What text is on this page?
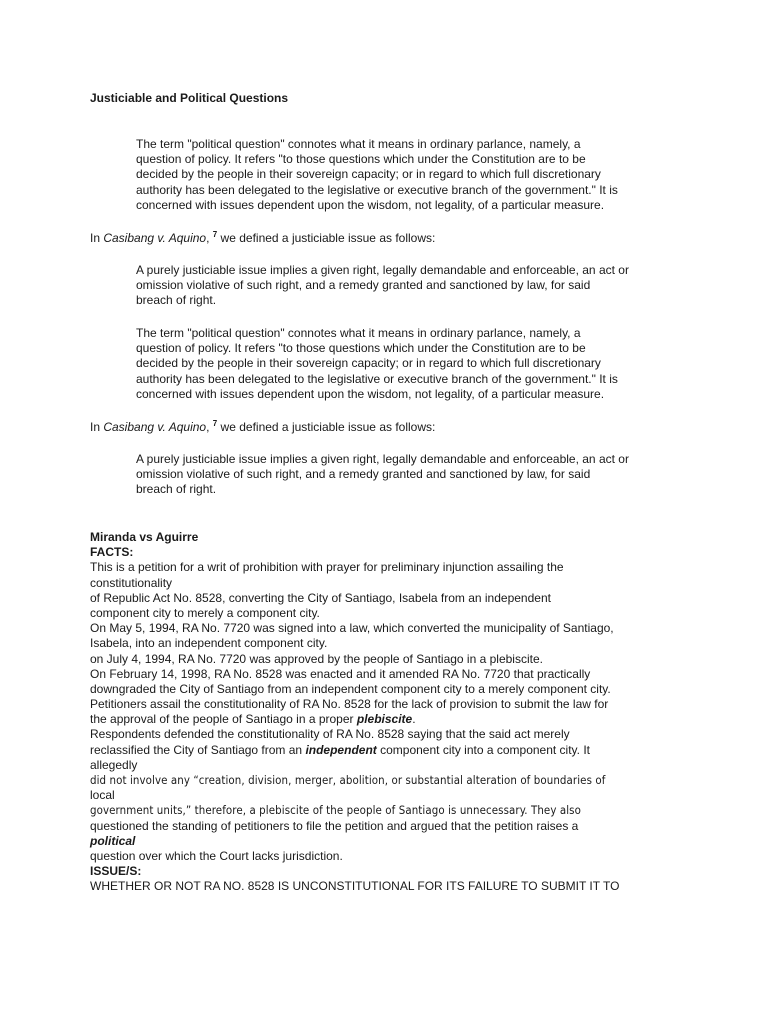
Justiciable and Political Questions
The term "political question" connotes what it means in ordinary parlance, namely, a
question of policy. It refers "to those questions which under the Constitution are to be
decided by the people in their sovereign capacity; or in regard to which full discretionary
authority has been delegated to the legislative or executive branch of the government." It is
concerned with issues dependent upon the wisdom, not legality, of a particular measure.
In Casibang v. Aquino, $^7$ we defined a justiciable issue as follows:
A purely justiciable issue implies a given right, legally demandable and enforceable, an act or
omission violative of such right, and a remedy granted and sanctioned by law, for said
breach of right.
The term "political question" connotes what it means in ordinary parlance, namely, a
question of policy. It refers "to those questions which under the Constitution are to be
decided by the people in their sovereign capacity; or in regard to which full discretionary
authority has been delegated to the legislative or executive branch of the government." It is
concerned with issues dependent upon the wisdom, not legality, of a particular measure.
In Casibang v. Aquino, $^7$ we defined a justiciable issue as follows:
A purely justiciable issue implies a given right, legally demandable and enforceable, an act or
omission violative of such right, and a remedy granted and sanctioned by law, for said
breach of right.
Miranda vs Aguirre
FACTS:
This is a petition for a writ of prohibition with prayer for preliminary injunction assailing the
constitutionality
of Republic Act No. 8528, converting the City of Santiago, Isabela from an independent
component city to merely a component city.
On May 5, 1994, RA No. 7720 was signed into a law, which converted the municipality of Santiago,
Isabela, into an independent component city.
on July 4, 1994, RA No. 7720 was approved by the people of Santiago in a plebiscite.
On February 14, 1998, RA No. 8528 was enacted and it amended RA No. 7720 that practically
downgraded the City of Santiago from an independent component city to a merely component city.
Petitioners assail the constitutionality of RA No. 8528 for the lack of provision to submit the law for
the approval of the people of Santiago in a proper plebiscite.
Respondents defended the constitutionality of RA No. 8528 saying that the said act merely
reclassified the City of Santiago from an independent component city into a component city. It
allegedly
did not involve any “creation, division, merger, abolition, or substantial alteration of boundaries of
local
government units,” therefore, a plebiscite of the people of Santiago is unnecessary. They also
questioned the standing of petitioners to file the petition and argued that the petition raises a
political
question over which the Court lacks jurisdiction.
ISSUE/S:
WHETHER OR NOT RA NO. 8528 IS UNCONSTITUTIONAL FOR ITS FAILURE TO SUBMIT IT TO
